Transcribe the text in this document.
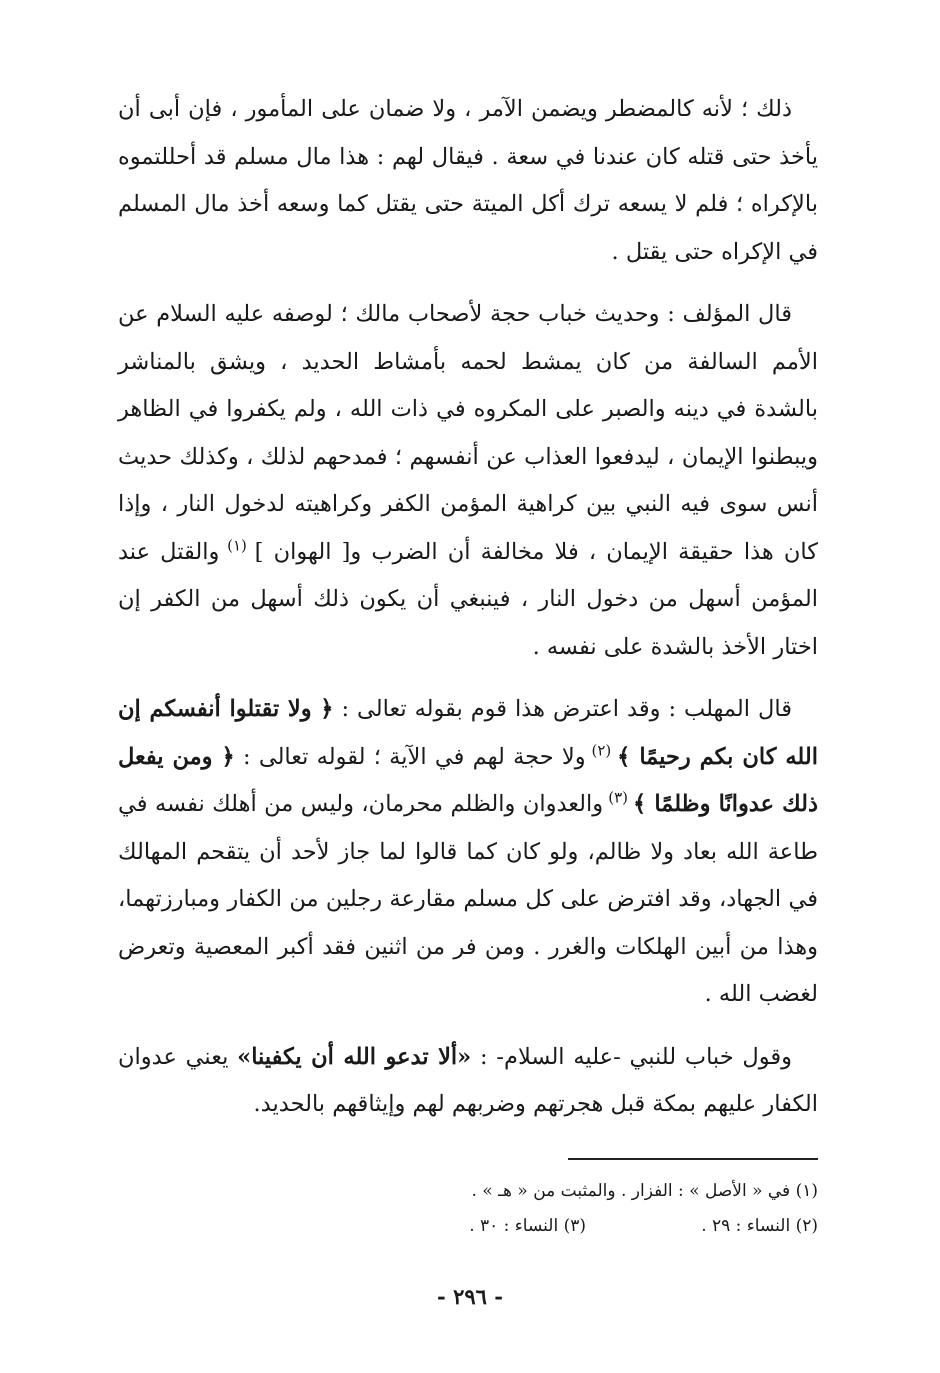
ذلك ؛ لأنه كالمضطر ويضمن الآمر ، ولا ضمان على المأمور ، فإن أبى أن يأخذ حتى قتله كان عندنا في سعة . فيقال لهم : هذا مال مسلم قد أحللتموه بالإكراه ؛ فلم لا يسعه ترك أكل الميتة حتى يقتل كما وسعه أخذ مال المسلم في الإكراه حتى يقتل .

قال المؤلف : وحديث خباب حجة لأصحاب مالك ؛ لوصفه عليه السلام عن الأمم السالفة من كان يمشط لحمه بأمشاط الحديد ، ويشق بالمناشر بالشدة في دينه والصبر على المكروه في ذات الله ، ولم يكفروا في الظاهر ويبطنوا الإيمان ، ليدفعوا العذاب عن أنفسهم ؛ فمدحهم لذلك ، وكذلك حديث أنس سوى فيه النبي بين كراهية المؤمن الكفر وكراهيته لدخول النار ، وإذا كان هذا حقيقة الإيمان ، فلا مخالفة أن الضرب و[ الهوان ] $^{(١)}$ والقتل عند المؤمن أسهل من دخول النار ، فينبغي أن يكون ذلك أسهل من الكفر إن اختار الأخذ بالشدة على نفسه .

قال المهلب : وقد اعترض هذا قوم بقوله تعالى : ﴿ ولا تقتلوا أنفسكم إن الله كان بكم رحيمًا ﴾ $^{(٢)}$ ولا حجة لهم في الآية ؛ لقوله تعالى : ﴿ ومن يفعل ذلك عدوانًا وظلمًا ﴾ $^{(٣)}$ والعدوان والظلم محرمان، وليس من أهلك نفسه في طاعة الله بعاد ولا ظالم، ولو كان كما قالوا لما جاز لأحد أن يتقحم المهالك في الجهاد، وقد افترض على كل مسلم مقارعة رجلين من الكفار ومبارزتهما، وهذا من أبين الهلكات والغرر . ومن فر من اثنين فقد أكبر المعصية وتعرض لغضب الله .

وقول خباب للنبي -عليه السلام- : «ألا تدعو الله أن يكفينا» يعني عدوان الكفار عليهم بمكة قبل هجرتهم وضربهم لهم وإيثاقهم بالحديد.

(١) في « الأصل » : الفزار . والمثبت من « هـ » .
(٢) النساء : ٢٩ .
(٣) النساء : ٣٠ .
- ٢٩٦ -
